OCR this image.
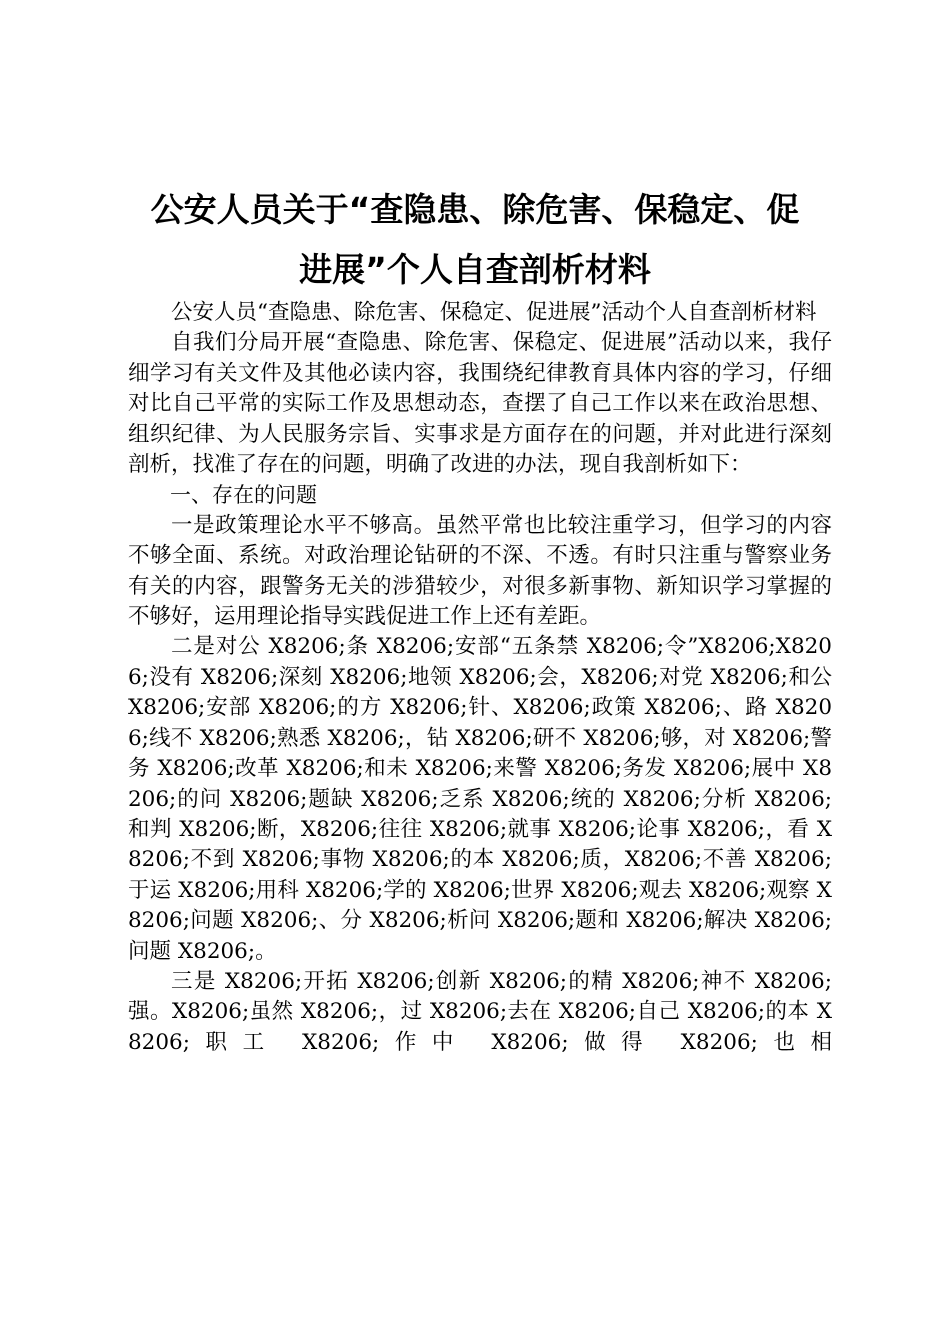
公安人员关于“查隐患、除危害、保稳定、促
进展”个人自查剖析材料

公安人员“查隐患、除危害、保稳定、促进展”活动个人自查剖析材料

自我们分局开展“查隐患、除危害、保稳定、促进展”活动以来，我仔细学习有关文件及其他必读内容，我围绕纪律教育具体内容的学习，仔细对比自己平常的实际工作及思想动态，查摆了自己工作以来在政治思想、组织纪律、为人民服务宗旨、实事求是方面存在的问题，并对此进行深刻剖析，找准了存在的问题，明确了改进的办法，现自我剖析如下：

一、存在的问题

一是政策理论水平不够高。虽然平常也比较注重学习，但学习的内容不够全面、系统。对政治理论钻研的不深、不透。有时只注重与警察业务有关的内容，跟警务无关的涉猎较少，对很多新事物、新知识学习掌握的不够好，运用理论指导实践促进工作上还有差距。

二是对公 X8206;条 X8206;安部“五条禁 X8206;令”X8206;X8206;没有 X8206;深刻 X8206;地领 X8206;会，X8206;对党 X8206;和公 X8206;安部 X8206;的方 X8206;针、X8206;政策 X8206;、路 X8206;线不 X8206;熟悉 X8206;，钻 X8206;研不 X8206;够，对 X8206;警务 X8206;改革 X8206;和未 X8206;来警 X8206;务发 X8206;展中 X8206;的问 X8206;题缺 X8206;乏系 X8206;统的 X8206;分析 X8206;和判 X8206;断，X8206;往往 X8206;就事 X8206;论事 X8206;，看 X8206;不到 X8206;事物 X8206;的本 X8206;质，X8206;不善 X8206;于运 X8206;用科 X8206;学的 X8206;世界 X8206;观去 X8206;观察 X8206;问题 X8206;、分 X8206;析问 X8206;题和 X8206;解决 X8206;问题 X8206;。

三是 X8206;开拓 X8206;创新 X8206;的精 X8206;神不 X8206;强。X8206;虽然 X8206;，过 X8206;去在 X8206;自己 X8206;的本 X8206;职工 X8206;作中 X8206;做得 X8206;也相
